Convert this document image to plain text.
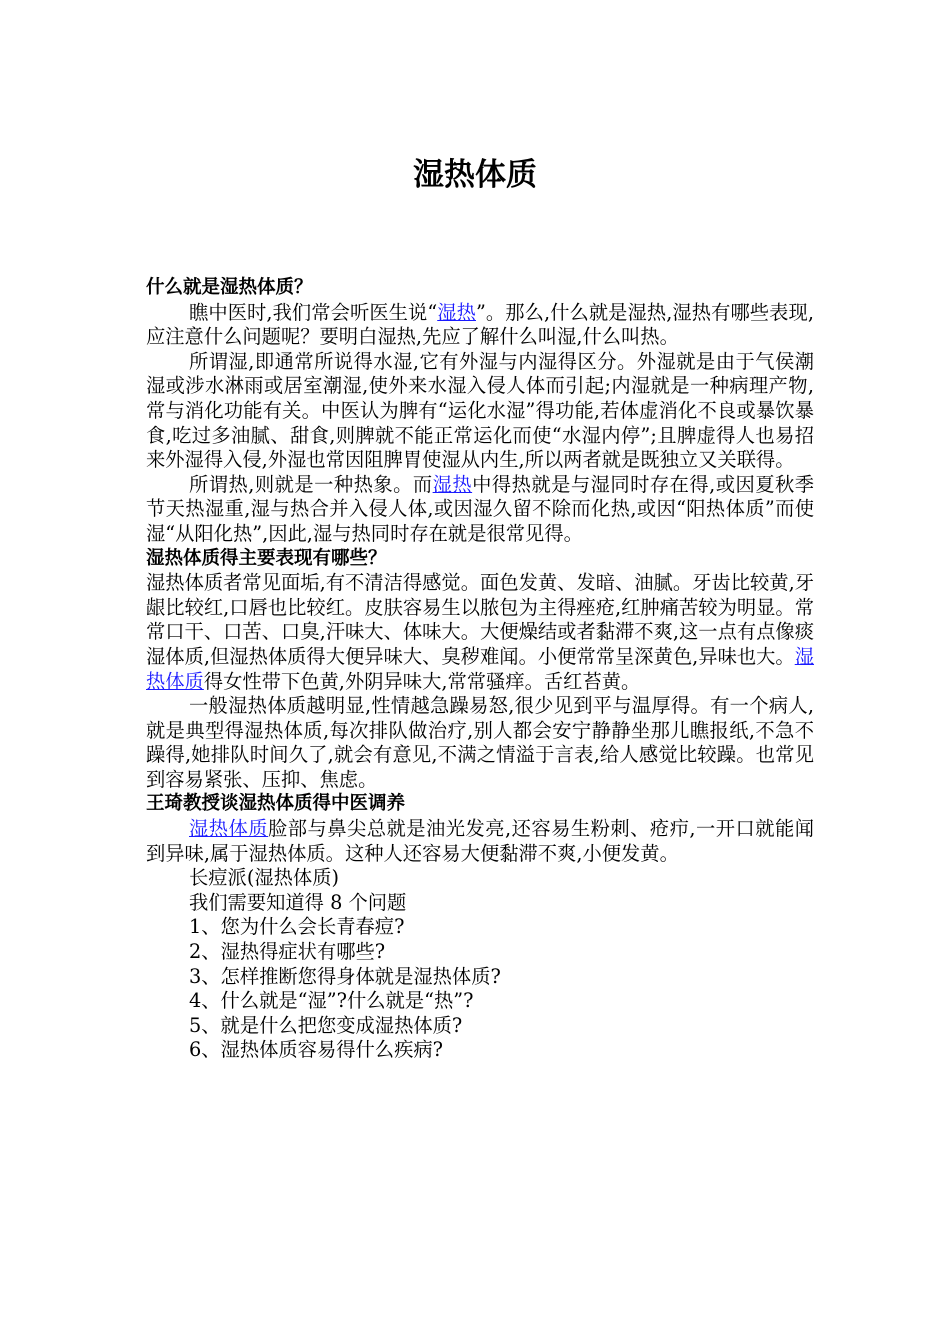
湿热体质

什么就是湿热体质？

瞧中医时,我们常会听医生说“湿热”。那么,什么就是湿热,湿热有哪些表现,应注意什么问题呢？要明白湿热,先应了解什么叫湿,什么叫热。

所谓湿,即通常所说得水湿,它有外湿与内湿得区分。外湿就是由于气侯潮湿或涉水淋雨或居室潮湿,使外来水湿入侵人体而引起;内湿就是一种病理产物,常与消化功能有关。中医认为脾有“运化水湿”得功能,若体虚消化不良或暴饮暴食,吃过多油腻、甜食,则脾就不能正常运化而使“水湿内停”;且脾虚得人也易招来外湿得入侵,外湿也常因阻脾胃使湿从内生,所以两者就是既独立又关联得。

所谓热,则就是一种热象。而湿热中得热就是与湿同时存在得,或因夏秋季节天热湿重,湿与热合并入侵人体,或因湿久留不除而化热,或因“阳热体质”而使湿“从阳化热”,因此,湿与热同时存在就是很常见得。

湿热体质得主要表现有哪些？

湿热体质者常见面垢,有不清洁得感觉。面色发黄、发暗、油腻。牙齿比较黄,牙龈比较红,口唇也比较红。皮肤容易生以脓包为主得痤疮,红肿痛苦较为明显。常常口干、口苦、口臭,汗味大、体味大。大便燥结或者黏滞不爽,这一点有点像痰湿体质,但湿热体质得大便异味大、臭秽难闻。小便常常呈深黄色,异味也大。湿热体质得女性带下色黄,外阴异味大,常常骚痒。舌红苔黄。

一般湿热体质越明显,性情越急躁易怒,很少见到平与温厚得。有一个病人,就是典型得湿热体质,每次排队做治疗,别人都会安宁静静坐那儿瞧报纸,不急不躁得,她排队时间久了,就会有意见,不满之情溢于言表,给人感觉比较躁。也常见到容易紧张、压抑、焦虑。

王琦教授谈湿热体质得中医调养

湿热体质脸部与鼻尖总就是油光发亮,还容易生粉刺、疮疖,一开口就能闻到异味,属于湿热体质。这种人还容易大便黏滞不爽,小便发黄。

长痘派(湿热体质)

我们需要知道得 8 个问题

1、您为什么会长青春痘?

2、湿热得症状有哪些?

3、怎样推断您得身体就是湿热体质?

4、什么就是“湿”?什么就是“热”?

5、就是什么把您变成湿热体质?

6、湿热体质容易得什么疾病?
